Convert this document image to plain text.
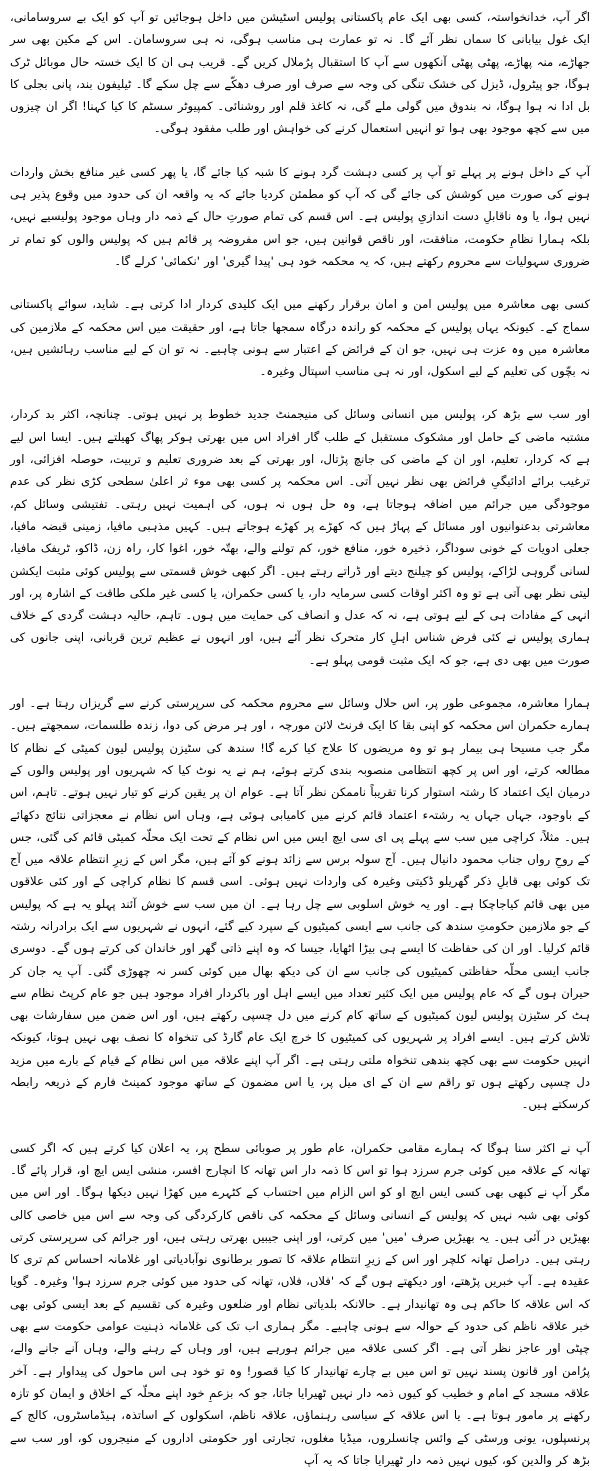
اگر آپ، خدانخواستہ، کسی بھی ایک عام پاکستانی پولیس اسٹیشن میں داخل ہوجائیں تو آپ کو ایک بے سروسامانی، ایک غول بیابانی کا سماں نظر آئے گا۔ نہ تو عمارت ہی مناسب ہوگی، نہ ہی سروسامان۔ اس کے مکین بھی سر جھاڑے، منہ پھاڑے، پھٹی پھٹی آنکھوں سے آپ کا استقبال پرُملال کریں گے۔ قریب ہی ان کا ایک خستہ حال موبائل ٹرک ہوگا، جو پیٹرول، ڈیزل کی خشک تنگی کی وجہ سے صرف اور صرف دھکّے سے چل سکے گا۔ ٹیلیفون بند، پانی بجلی کا بل ادا نہ ہوا ہوگا، نہ بندوق میں گولی ملے گی، نہ کاغذ قلم اور روشنائی۔ کمپیوٹر سسٹم کا کیا کہنا! اگر ان چیزوں میں سے کچھ موجود بھی ہوا تو انہیں استعمال کرنے کی خواہش اور طلب مفقود ہوگی۔

آپ کے داخل ہونے پر پہلے تو آپ پر کسی دہشت گرد ہونے کا شبہ کیا جائے گا، یا پھر کسی غیر منافع بخش واردات ہونے کی صورت میں کوشش کی جائے گی کہ آپ کو مطمئن کردیا جائے کہ یہ واقعہ ان کی حدود میں وقوع پذیر ہی نہیں ہوا، یا وہ ناقابلِ دست اندازیِ پولیس ہے۔ اس قسم کی تمام صورتِ حال کے ذمہ دار وہاں موجود پولیسیے نہیں، بلکہ ہمارا نظامِ حکومت، منافقت، اور ناقص قوانین ہیں، جو اس مفروضہ پر قائم ہیں کہ پولیس والوں کو تمام تر ضروری سہولیات سے محروم رکھتے ہیں، کہ یہ محکمہ خود ہی 'پیدا گیری' اور 'نکمائی' کرلے گا۔

کسی بھی معاشرہ میں پولیس امن و امان برقرار رکھنے میں ایک کلیدی کردار ادا کرتی ہے۔ شاید، سوائے پاکستانی سماج کے۔ کیونکہ یہاں پولیس کے محکمہ کو راندہ درگاہ سمجھا جاتا ہے، اور حقیقت میں اس محکمہ کے ملازمین کی معاشرہ میں وہ عزت ہی نہیں، جو ان کے فرائض کے اعتبار سے ہونی چاہیے۔ نہ تو ان کے لیے مناسب رہائشیں ہیں، نہ بچّوں کی تعلیم کے لیے اسکول، اور نہ ہی مناسب اسپتال وغیرہ۔

اور سب سے بڑھ کر، پولیس میں انسانی وسائل کی منیجمنٹ جدید خطوط پر نہیں ہوتی۔ چنانچہ، اکثر بد کردار، مشتبہ ماضی کے حامل اور مشکوک مستقبل کے طلب گار افراد اس میں بھرتی ہوکر پھاگ کھیلتے ہیں۔ ایسا اس لیے ہے کہ کردار، تعلیم، اور ان کے ماضی کی جانچ پڑتال، اور بھرتی کے بعد ضروری تعلیم و تربیت، حوصلہ افزائی، اور ترغیب برائے ادائیگیِ فرائض بھی نظر نہیں آتی۔ اس محکمہ پر کسی بھی موء ثر اعلیٰ سطحی کڑی نظر کی عدم موجودگی میں جرائم میں اضافہ ہوجاتا ہے، وہ حل ہوں نہ ہوں، کی اہمیت نہیں رہتی۔ تفتیشی وسائل کم، معاشرتی بدعنوانیوں اور مسائل کے پہاڑ ہیں کہ کھڑے پر کھڑے ہوجاتے ہیں۔ کہیں مذہبی مافیا، زمینی قبضہ مافیا، جعلی ادویات کے خونی سوداگر، ذخیرہ خور، منافع خور، کم تولنے والے، بھتّہ خور، اغوا کار، راہ زن، ڈاکو، ٹریفک مافیا، لسانی گروہی لڑاکے، پولیس کو چیلنج دیتے اور ڈراتے رہتے ہیں۔ اگر کبھی خوش قسمتی سے پولیس کوئی مثبت ایکشن لیتی نظر بھی آتی ہے تو وہ اکثر اوقات کسی سرمایہ دار، یا کسی حکمران، یا کسی غیر ملکی طاقت کے اشارہ پر، اور انہی کے مفادات ہی کے لیے ہوتی ہے، نہ کہ عدل و انصاف کی حمایت میں ہوں۔ تاہم، حالیہ دہشت گردی کے خلاف ہماری پولیس نے کئی فرض شناس اہلِ کار متحرک نظر آئے ہیں، اور انہوں نے عظیم ترین قربانی، اپنی جانوں کی صورت میں بھی دی ہے، جو کہ ایک مثبت قومی پہلو ہے۔

ہمارا معاشرہ، مجموعی طور پر، اس حلال وسائل سے محروم محکمہ کی سرپرستی کرنے سے گریزاں رہتا ہے۔ اور ہمارے حکمران اس محکمہ کو اپنی بقا کا ایک فرنٹ لائن مورچہ ، اور ہر مرض کی دوا، زندہ طلسمات، سمجھتے ہیں۔ مگر جب مسیحا ہی بیمار ہو تو وہ مریضوں کا علاج کیا کرے گا! سندھ کی سٹیزن پولیس لیون کمیٹی کے نظام کا مطالعہ کرتے، اور اس پر کچھ انتظامی منصوبہ بندی کرتے ہوئے، ہم نے یہ نوٹ کیا کہ شہریوں اور پولیس والوں کے درمیان ایک اعتماد کا رشتہ استوار کرنا تقریباً ناممکن نظر آتا ہے۔ عوام ان پر یقین کرنے کو تیار نہیں ہوتے۔ تاہم، اس کے باوجود، جہاں جہاں یہ رشتہء اعتماد قائم کرنے میں کامیابی ہوئی ہے، وہاں اس نظام نے معجزاتی نتائج دکھائے ہیں۔ مثلاً، کراچی میں سب سے پہلے پی ای سی ایچ ایس میں اس نظام کے تحت ایک محلّہ کمیٹی قائم کی گئی، جس کے روحِ رواں جناب محمود دانیال ہیں۔ آج سولہ برس سے زائد ہونے کو آئے ہیں، مگر اس کے زیرِ انتظام علاقہ میں آج تک کوئی بھی قابلِ ذکر گھریلو ڈکیتی وغیرہ کی واردات نہیں ہوئی۔ اسی قسم کا نظام کراچی کے اور کئی علاقوں میں بھی قائم کیاجاچکا ہے۔ اور یہ خوش اسلوبی سے چل رہا ہے۔ ان میں سب سے خوش آئند پہلو یہ ہے کہ پولیس کے جو ملازمین حکومتِ سندھ کی جانب سے ایسی کمیٹیوں کے سپرد کیے گئے، انہوں نے شہریوں سے ایک برادرانہ رشتہ قائم کرلیا۔ اور ان کی حفاظت کا ایسے ہی بیڑا اٹھایا، جیسا کہ وہ اپنے ذاتی گھر اور خاندان کی کرتے ہوں گے۔ دوسری جانب ایسی محلّہ حفاظتی کمیٹیوں کی جانب سے ان کی دیکھ بھال میں کوئی کسر نہ چھوڑی گئی۔ آپ یہ جان کر حیران ہوں گے کہ عام پولیس میں ایک کثیر تعداد میں ایسے اہل اور باکردار افراد موجود ہیں جو عام کرپٹ نظام سے ہٹ کر سٹیزن پولیس لیون کمیٹیوں کے ساتھ کام کرنے میں دل چسپی رکھتے ہیں، اور اس ضمن میں سفارشات بھی تلاش کرتے ہیں۔ ایسے افراد پر شہریوں کی کمیٹیوں کا خرچ ایک عام گارڈ کی تنخواہ کا نصف بھی نہیں ہوتا، کیونکہ انہیں حکومت سے بھی کچھ بندھی تنخواہ ملتی رہتی ہے۔ اگر آپ اپنے علاقہ میں اس نظام کے قیام کے بارے میں مزید دل چسپی رکھتے ہوں تو راقم سے ان کے ای میل پر، یا اس مضمون کے ساتھ موجود کمینٹ فارم کے ذریعہ رابطہ کرسکتے ہیں۔

آپ نے اکثر سنا ہوگا کہ ہمارے مقامی حکمران، عام طور پر صوبائی سطح پر، یہ اعلان کیا کرتے ہیں کہ اگر کسی تھانہ کے علاقہ میں کوئی جرم سرزد ہوا تو اس کا ذمہ دار اس تھانہ کا انچارج افسر، منشی ایس ایچ او، قرار پائے گا۔ مگر آپ نے کبھی بھی کسی ایس ایچ او کو اس الزام میں احتساب کے کٹہرے میں کھڑا نہیں دیکھا ہوگا۔ اور اس میں کوئی بھی شبہ نہیں کہ پولیس کے انسانی وسائل کے محکمہ کی ناقص کارکردگی کی وجہ سے اس میں خاصی کالی بھیڑیں در آئی ہیں۔ یہ بھیڑیں صرف 'میں' میں کرتی، اور اپنی جیبیں بھرتی رہتی ہیں، اور جرائم کی سرپرستی کرتی رہتی ہیں۔ دراصل تھانہ کلچر اور اس کے زیرِ انتظام علاقہ کا تصور برطانوی نوآبادیاتی اور غلامانہ احساس کم تری کا عقیدہ ہے۔ آپ خبریں پڑھتے، اور دیکھتے ہوں گے کہ 'فلاں، فلاں، تھانہ کی حدود میں کوئی جرم سرزد ہوا' وغیرہ۔ گویا کہ اس علاقہ کا حاکم ہی وہ تھانیدار ہے۔ حالانکہ بلدیاتی نظام اور ضلعوں وغیرہ کی تقسیم کے بعد ایسی کوئی بھی خبر علاقہ ناظم کی حدود کے حوالہ سے ہونی چاہیے۔ مگر ہماری اب تک کی غلامانہ ذہنیت عوامی حکومت سے بھی چپٹی اور عاجز نظر آتی ہے۔ اگر کسی علاقہ میں جرائم ہورہے ہیں، اور وہاں کے رہنے والے، وہاں آنے جانے والے، پرُامن اور قانون پسند نہیں تو اس میں بے چارے تھانیدار کا کیا قصور! وہ تو خود ہی اس ماحول کی پیداوار ہے۔ آخر علاقہ مسجد کے امام و خطیب کو کیوں ذمہ دار نہیں ٹھیرایا جاتا، جو کہ بزعمِ خود اپنے محلّہ کے اخلاق و ایمان کو تازہ رکھنے پر مامور ہوتا ہے۔ یا اس علاقہ کے سیاسی رہنماؤں، علاقہ ناظم، اسکولوں کے اساتذہ، ہیڈماسٹروں، کالج کے پرنسپلوں، یونی ورسٹی کے وائس چانسلروں، میڈیا مغلوں، تجارتی اور حکومتی اداروں کے منیجروں کو، اور سب سے بڑھ کر والدین کو، کیوں نہیں ذمہ دار ٹھیرایا جاتا کہ یہ آپ
